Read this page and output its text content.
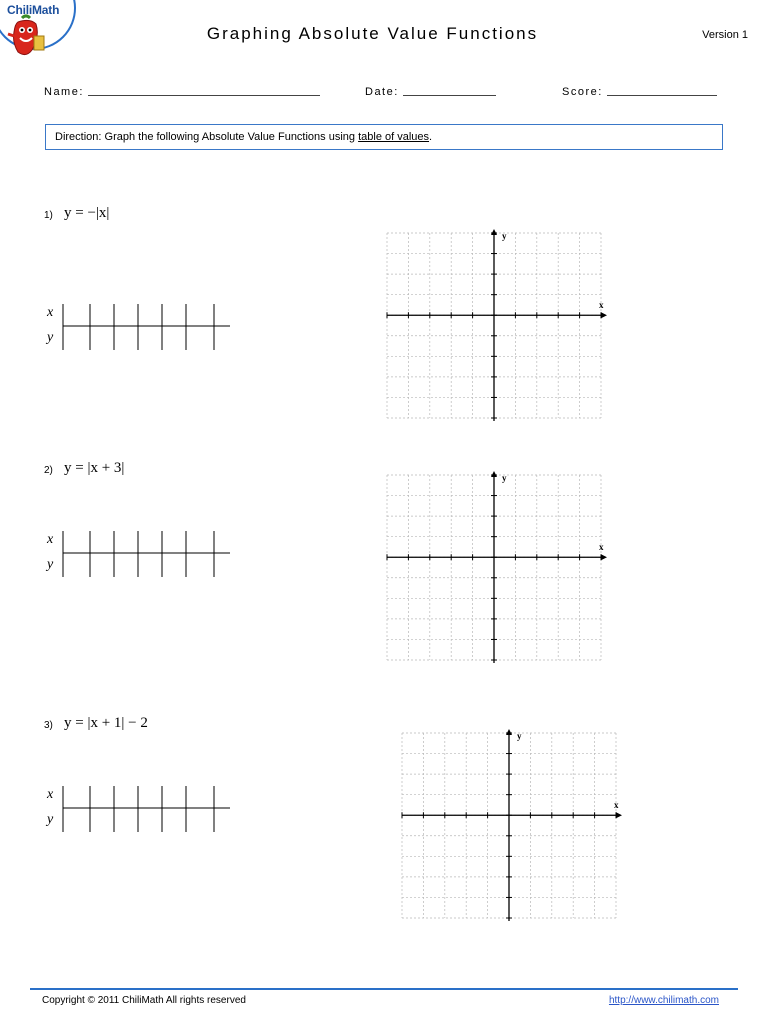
ChiliMath
Graphing Absolute Value Functions	Version 1
Name:	Date:	Score:
Direction: Graph the following Absolute Value Functions using table of values.
1) y = −|x|
x
y
x
y
2) y = |x + 3|
x
y
x
y
3) y = |x + 1| − 2
x
y
x
y
Copyright © 2011 ChiliMath All rights reserved	http://www.chilimath.com
